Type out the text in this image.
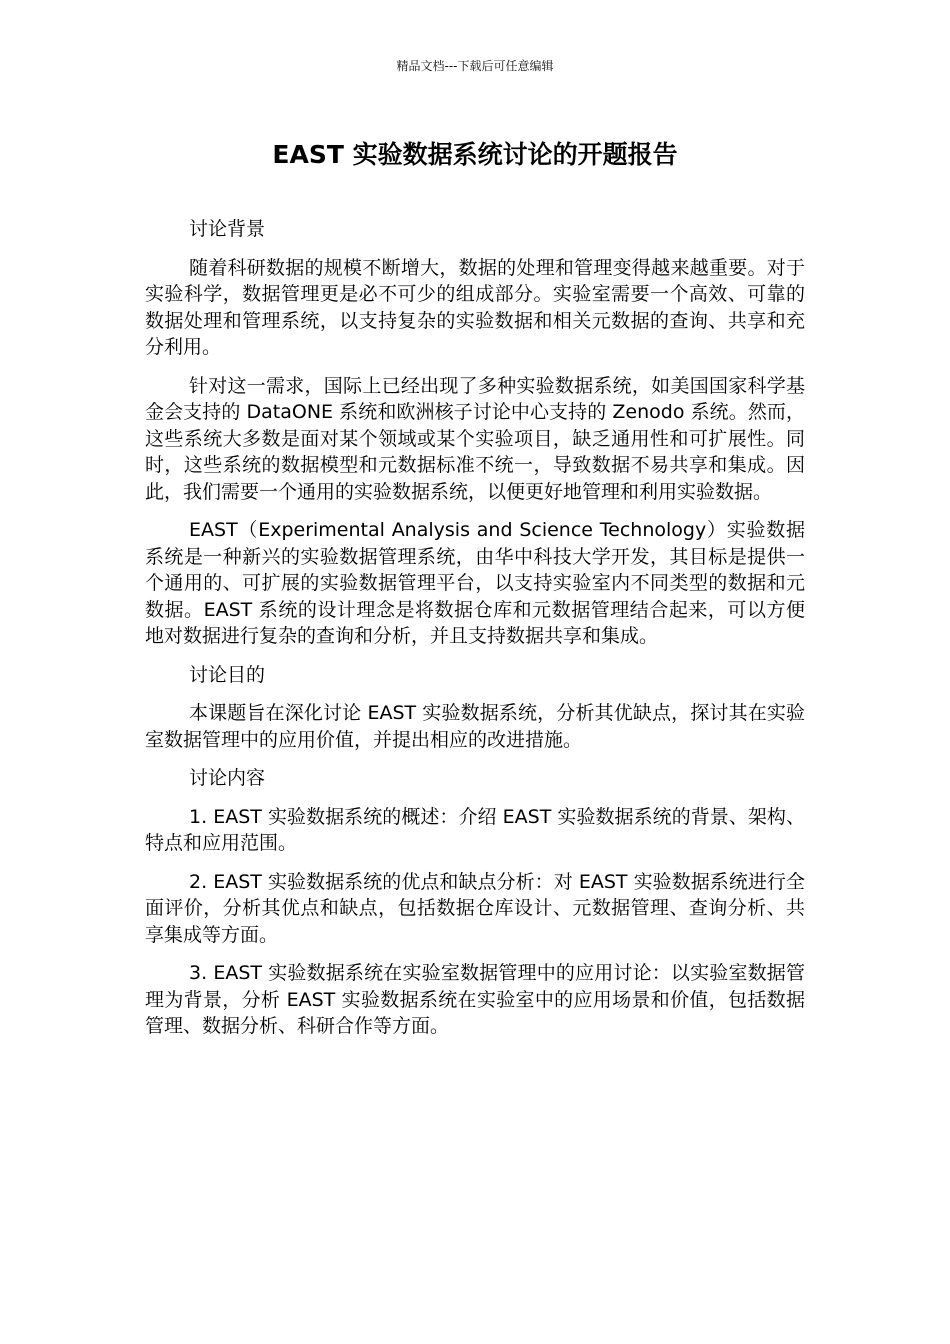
精品文档---下载后可任意编辑
EAST 实验数据系统讨论的开题报告

讨论背景

随着科研数据的规模不断增大，数据的处理和管理变得越来越重要。对于实验科学，数据管理更是必不可少的组成部分。实验室需要一个高效、可靠的数据处理和管理系统，以支持复杂的实验数据和相关元数据的查询、共享和充分利用。

针对这一需求，国际上已经出现了多种实验数据系统，如美国国家科学基金会支持的 DataONE 系统和欧洲核子讨论中心支持的 Zenodo 系统。然而，这些系统大多数是面对某个领域或某个实验项目，缺乏通用性和可扩展性。同时，这些系统的数据模型和元数据标准不统一，导致数据不易共享和集成。因此，我们需要一个通用的实验数据系统，以便更好地管理和利用实验数据。

EAST（Experimental Analysis and Science Technology）实验数据系统是一种新兴的实验数据管理系统，由华中科技大学开发，其目标是提供一个通用的、可扩展的实验数据管理平台，以支持实验室内不同类型的数据和元数据。EAST 系统的设计理念是将数据仓库和元数据管理结合起来，可以方便地对数据进行复杂的查询和分析，并且支持数据共享和集成。

讨论目的

本课题旨在深化讨论 EAST 实验数据系统，分析其优缺点，探讨其在实验室数据管理中的应用价值，并提出相应的改进措施。

讨论内容

1. EAST 实验数据系统的概述：介绍 EAST 实验数据系统的背景、架构、特点和应用范围。

2. EAST 实验数据系统的优点和缺点分析：对 EAST 实验数据系统进行全面评价，分析其优点和缺点，包括数据仓库设计、元数据管理、查询分析、共享集成等方面。

3. EAST 实验数据系统在实验室数据管理中的应用讨论：以实验室数据管理为背景，分析 EAST 实验数据系统在实验室中的应用场景和价值，包括数据管理、数据分析、科研合作等方面。
